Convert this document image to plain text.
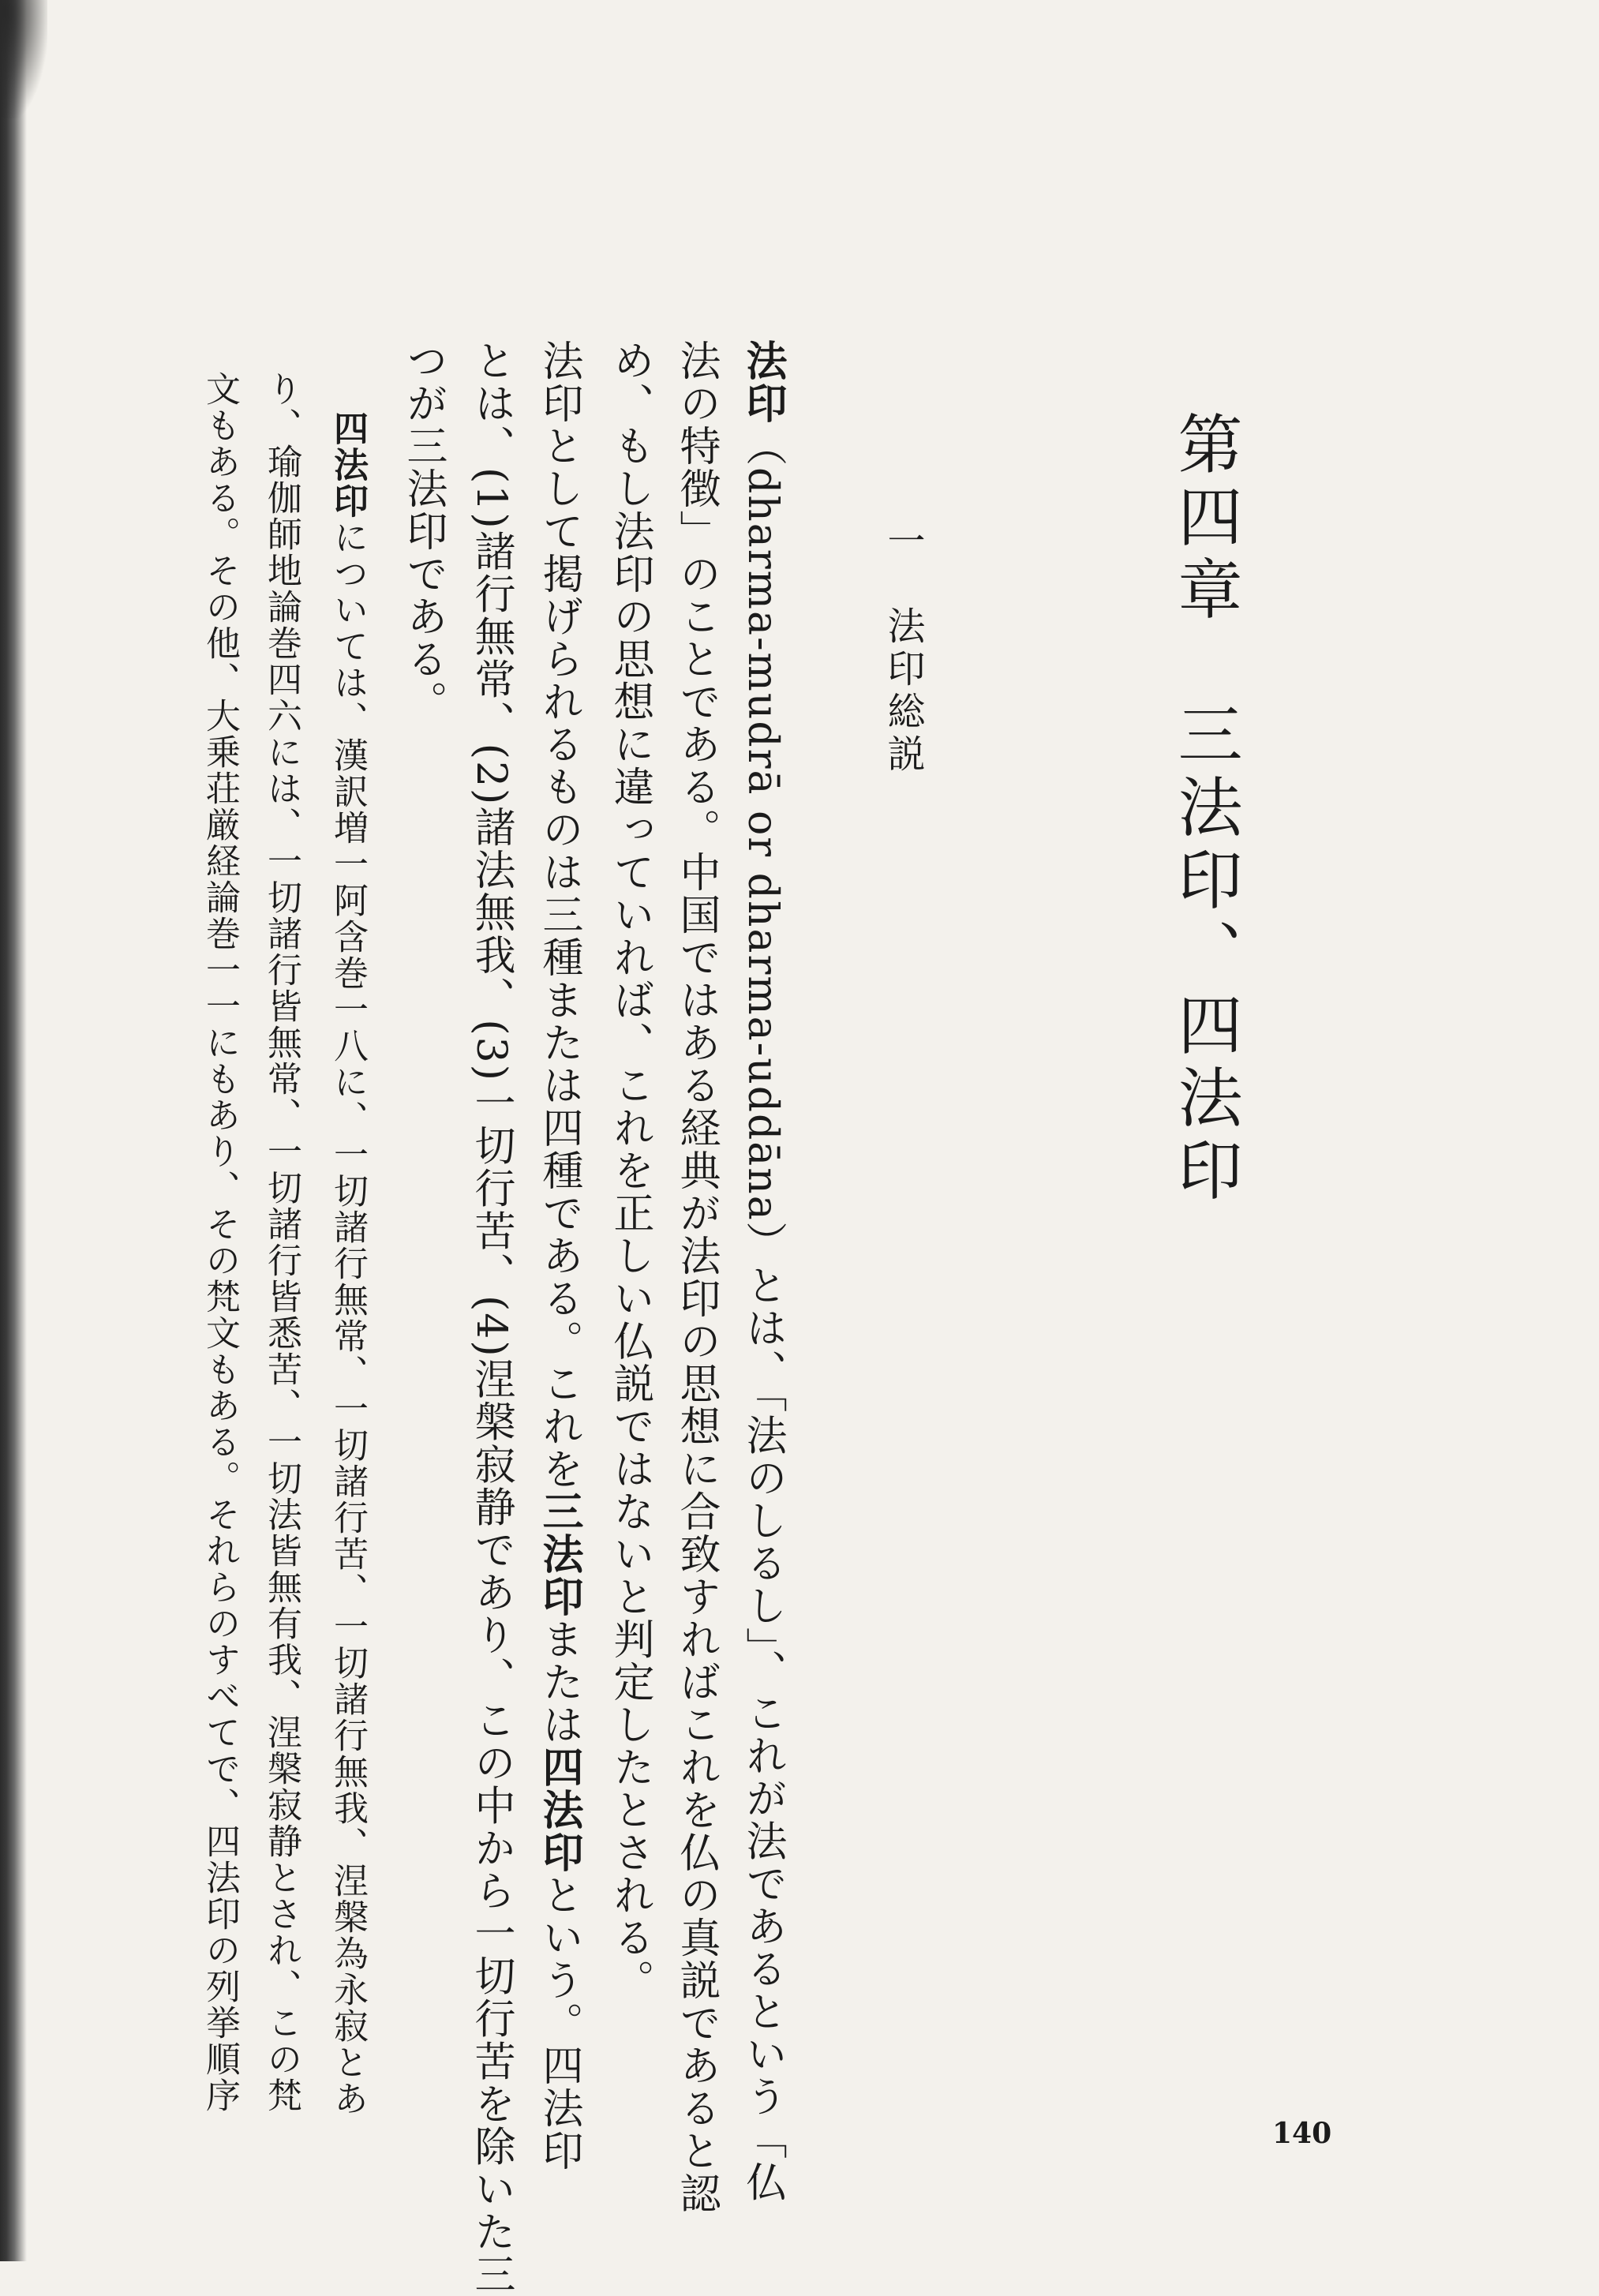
第四章　三法印、四法印
一　法印総説
法印（dharma-mudrā or dharma-uddāna）とは、「法のしるし」、これが法であるという「仏
法の特徴」のことである。中国ではある経典が法印の思想に合致すればこれを仏の真説であると認
め、もし法印の思想に違っていれば、これを正しい仏説ではないと判定したとされる。
法印として掲げられるものは三種または四種である。これを三法印または四法印という。四法印
とは、(1)諸行無常、(2)諸法無我、(3)一切行苦、(4)涅槃寂静であり、この中から一切行苦を除いた三
つが三法印である。
四法印については、漢訳増一阿含巻一八に、一切諸行無常、一切諸行苦、一切諸行無我、涅槃為永寂とあ
り、瑜伽師地論巻四六には、一切諸行皆無常、一切諸行皆悉苦、一切法皆無有我、涅槃寂静とされ、この梵
文もある。その他、大乗荘厳経論巻一一にもあり、その梵文もある。それらのすべてで、四法印の列挙順序
140
